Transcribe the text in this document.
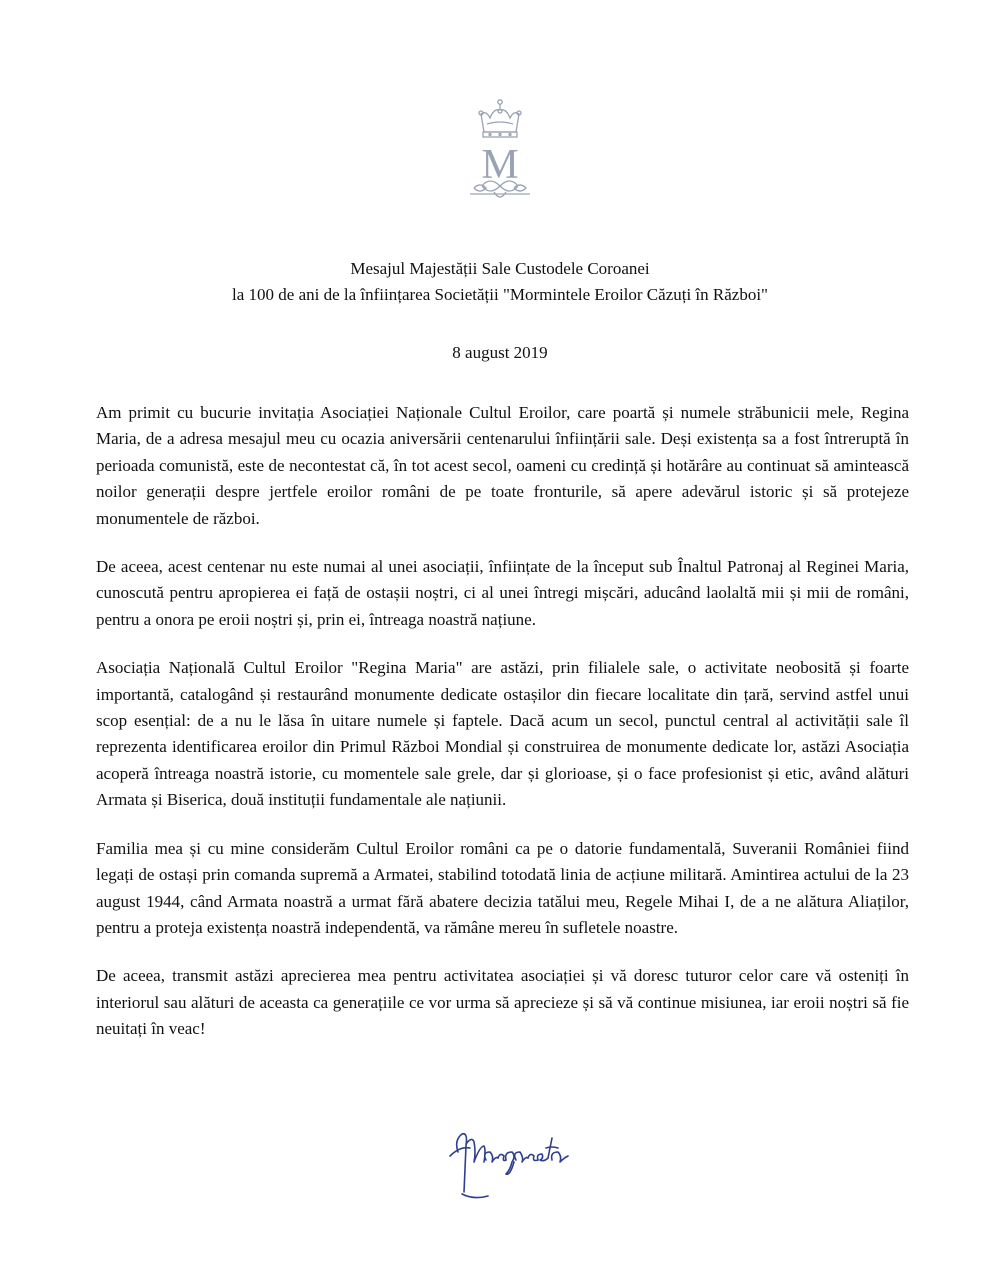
M
Mesajul Majestății Sale Custodele Coroanei
la 100 de ani de la înființarea Societății "Mormintele Eroilor Căzuți în Război"
8 august 2019

Am primit cu bucurie invitația Asociației Naționale Cultul Eroilor, care poartă și numele străbunicii mele, Regina Maria, de a adresa mesajul meu cu ocazia aniversării centenarului înființării sale. Deși existența sa a fost întreruptă în perioada comunistă, este de necontestat că, în tot acest secol, oameni cu credință și hotărâre au continuat să amintească noilor generații despre jertfele eroilor români de pe toate fronturile, să apere adevărul istoric și să protejeze monumentele de război.

De aceea, acest centenar nu este numai al unei asociații, înființate de la început sub Înaltul Patronaj al Reginei Maria, cunoscută pentru apropierea ei față de ostașii noștri, ci al unei întregi mișcări, aducând laolaltă mii și mii de români, pentru a onora pe eroii noștri și, prin ei, întreaga noastră națiune.

Asociația Națională Cultul Eroilor "Regina Maria" are astăzi, prin filialele sale, o activitate neobosită și foarte importantă, catalogând și restaurând monumente dedicate ostașilor din fiecare localitate din țară, servind astfel unui scop esențial: de a nu le lăsa în uitare numele și faptele. Dacă acum un secol, punctul central al activității sale îl reprezenta identificarea eroilor din Primul Război Mondial și construirea de monumente dedicate lor, astăzi Asociația acoperă întreaga noastră istorie, cu momentele sale grele, dar și glorioase, și o face profesionist și etic, având alături Armata și Biserica, două instituții fundamentale ale națiunii.

Familia mea și cu mine considerăm Cultul Eroilor români ca pe o datorie fundamentală, Suveranii României fiind legați de ostași prin comanda supremă a Armatei, stabilind totodată linia de acțiune militară. Amintirea actului de la 23 august 1944, când Armata noastră a urmat fără abatere decizia tatălui meu, Regele Mihai I, de a ne alătura Aliaților, pentru a proteja existența noastră independentă, va rămâne mereu în sufletele noastre.

De aceea, transmit astăzi aprecierea mea pentru activitatea asociației și vă doresc tuturor celor care vă osteniți în interiorul sau alături de aceasta ca generațiile ce vor urma să aprecieze și să vă continue misiunea, iar eroii noștri să fie neuitați în veac!
